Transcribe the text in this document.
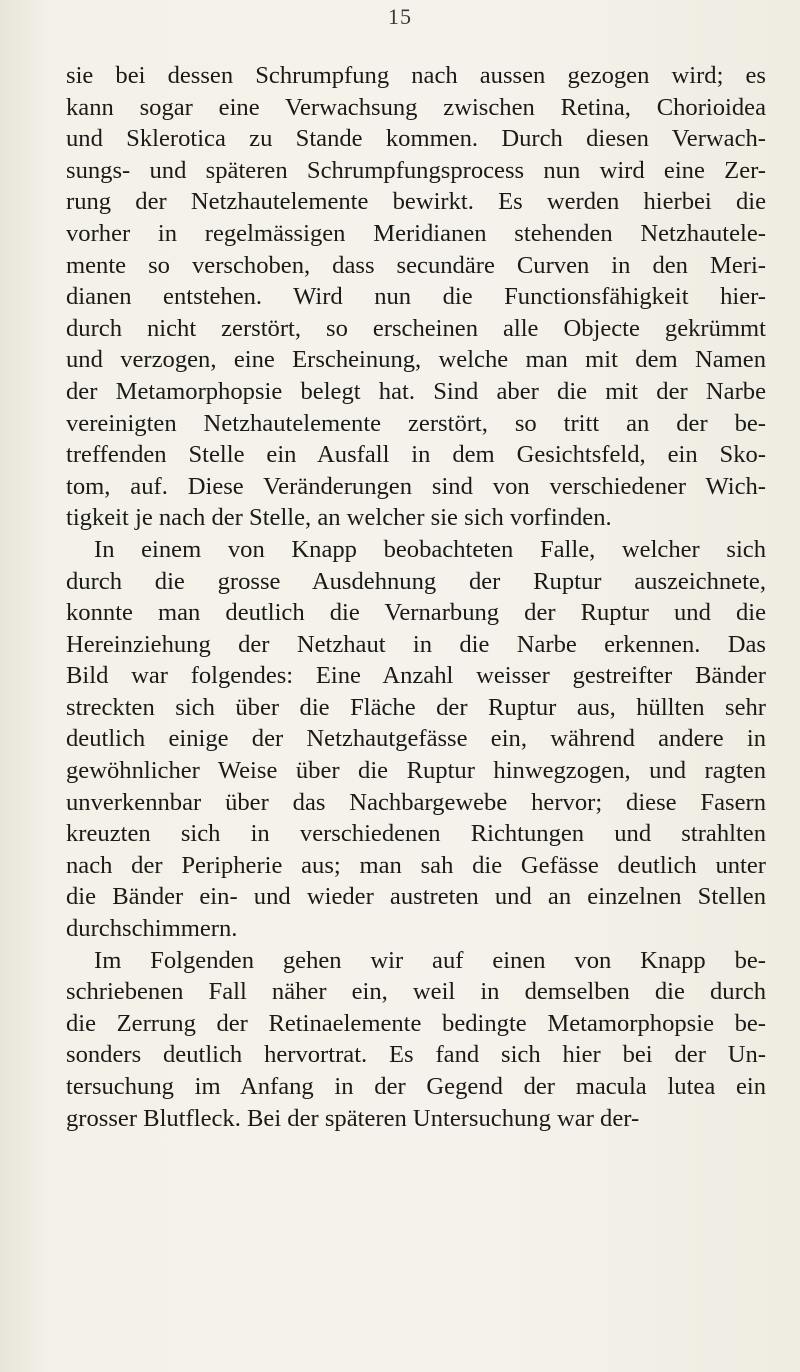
15
sie bei dessen Schrumpfung nach aussen gezogen wird; es
kann sogar eine Verwachsung zwischen Retina, Chorioidea
und Sklerotica zu Stande kommen. Durch diesen Verwach-
sungs- und späteren Schrumpfungsprocess nun wird eine Zer-
rung der Netzhautelemente bewirkt. Es werden hierbei die
vorher in regelmässigen Meridianen stehenden Netzhautele-
mente so verschoben, dass secundäre Curven in den Meri-
dianen entstehen. Wird nun die Functionsfähigkeit hier-
durch nicht zerstört, so erscheinen alle Objecte gekrümmt
und verzogen, eine Erscheinung, welche man mit dem Namen
der Metamorphopsie belegt hat. Sind aber die mit der Narbe
vereinigten Netzhautelemente zerstört, so tritt an der be-
treffenden Stelle ein Ausfall in dem Gesichtsfeld, ein Sko-
tom, auf. Diese Veränderungen sind von verschiedener Wich-
tigkeit je nach der Stelle, an welcher sie sich vorfinden.
In einem von Knapp beobachteten Falle, welcher sich
durch die grosse Ausdehnung der Ruptur auszeichnete,
konnte man deutlich die Vernarbung der Ruptur und die
Hereinziehung der Netzhaut in die Narbe erkennen. Das
Bild war folgendes: Eine Anzahl weisser gestreifter Bänder
streckten sich über die Fläche der Ruptur aus, hüllten sehr
deutlich einige der Netzhautgefässe ein, während andere in
gewöhnlicher Weise über die Ruptur hinwegzogen, und ragten
unverkennbar über das Nachbargewebe hervor; diese Fasern
kreuzten sich in verschiedenen Richtungen und strahlten
nach der Peripherie aus; man sah die Gefässe deutlich unter
die Bänder ein- und wieder austreten und an einzelnen Stellen
durchschimmern.
Im Folgenden gehen wir auf einen von Knapp be-
schriebenen Fall näher ein, weil in demselben die durch
die Zerrung der Retinaelemente bedingte Metamorphopsie be-
sonders deutlich hervortrat. Es fand sich hier bei der Un-
tersuchung im Anfang in der Gegend der macula lutea ein
grosser Blutfleck. Bei der späteren Untersuchung war der-
